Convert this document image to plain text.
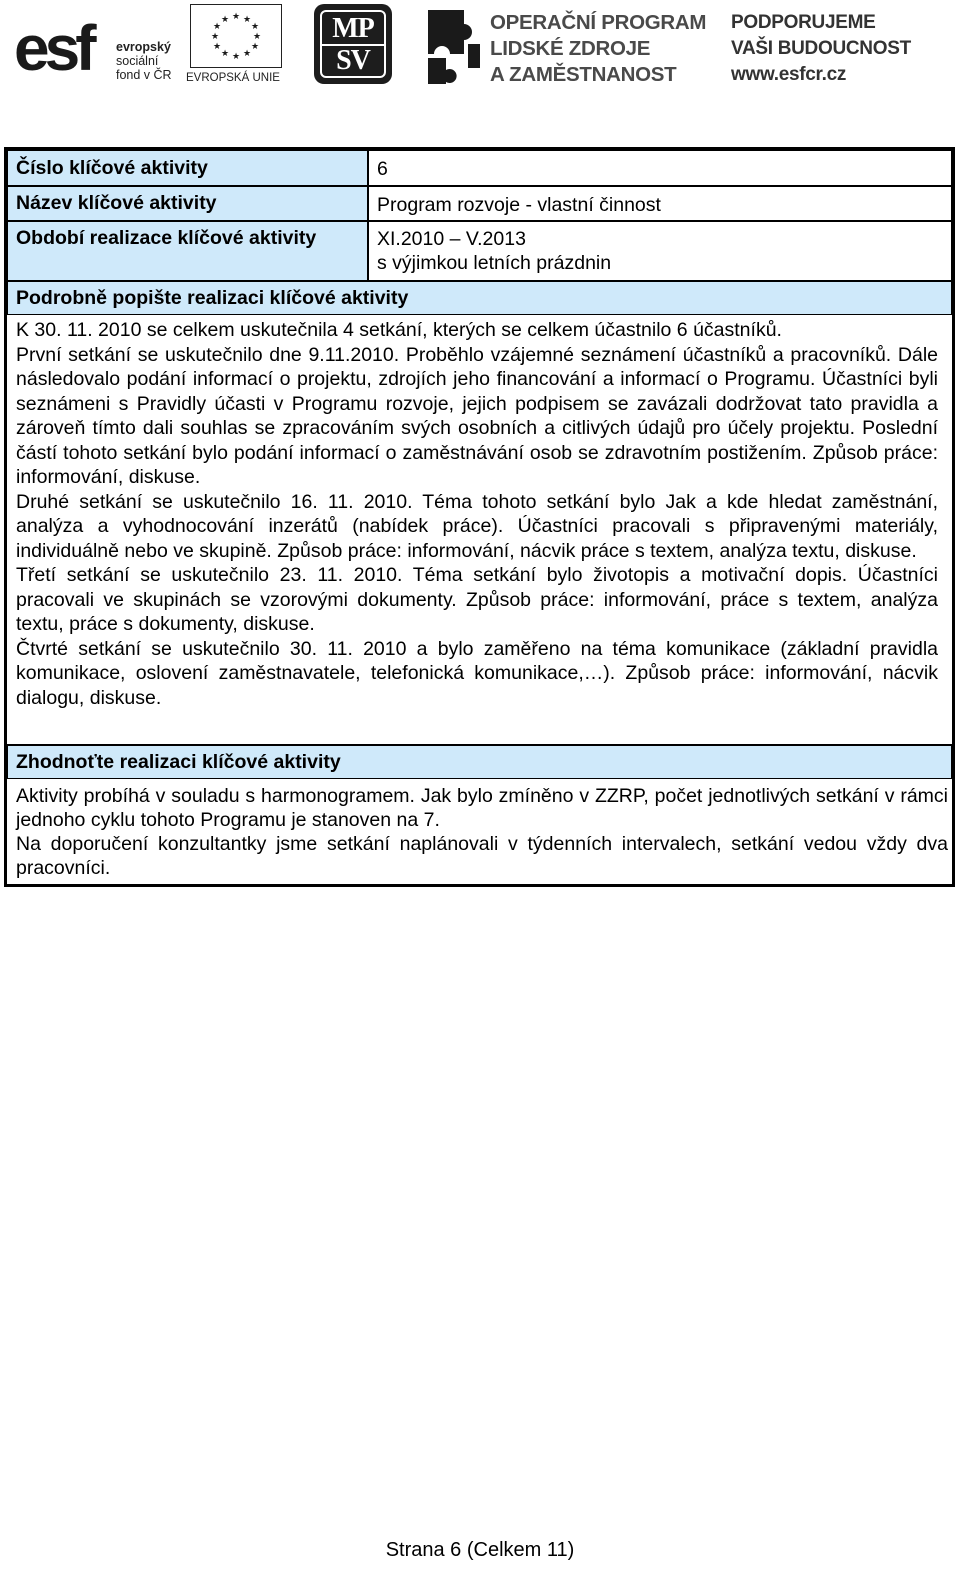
esf evropský
sociální
fond v ČR
★ ★
★
★
★
★
★
★
★
★
★
★
EVROPSKÁ UNIE
MP
SV
OPERAČNÍ PROGRAM
LIDSKÉ ZDROJE
A ZAMĚSTNANOST
PODPORUJEME
VAŠI BUDOUCNOST
www.esfcr.cz
Číslo klíčové aktivity	6
Název klíčové aktivity	Program rozvoje - vlastní činnost
Období realizace klíčové aktivity	XI.2010 – V.2013
s výjimkou letních prázdnin
Podrobně popište realizaci klíčové aktivity

K 30. 11. 2010 se celkem uskutečnila 4 setkání, kterých se celkem účastnilo 6 účastníků.

První setkání se uskutečnilo dne 9.11.2010. Proběhlo vzájemné seznámení účastníků a pracovníků. Dále následovalo podání informací o projektu, zdrojích jeho financování a informací o Programu. Účastníci byli seznámeni s Pravidly účasti v Programu rozvoje, jejich podpisem se zavázali dodržovat tato pravidla a zároveň tímto dali souhlas se zpracováním svých osobních a citlivých údajů pro účely projektu. Poslední částí tohoto setkání bylo podání informací o zaměstnávání osob se zdravotním postižením. Způsob práce: informování, diskuse.

Druhé setkání se uskutečnilo 16. 11. 2010. Téma tohoto setkání bylo Jak a kde hledat zaměstnání, analýza a vyhodnocování inzerátů (nabídek práce). Účastníci pracovali s připravenými materiály, individuálně nebo ve skupině. Způsob práce: informování, nácvik práce s textem, analýza textu, diskuse.

Třetí setkání se uskutečnilo 23. 11. 2010. Téma setkání bylo životopis a motivační dopis. Účastníci pracovali ve skupinách se vzorovými dokumenty. Způsob práce: informování, práce s textem, analýza textu, práce s dokumenty, diskuse.

Čtvrté setkání se uskutečnilo 30. 11. 2010 a bylo zaměřeno na téma komunikace (základní pravidla komunikace, oslovení zaměstnavatele, telefonická komunikace,…). Způsob práce: informování, nácvik dialogu, diskuse.

Zhodnoťte realizaci klíčové aktivity

Aktivity probíhá v souladu s harmonogramem. Jak bylo zmíněno v ZZRP, počet jednotlivých setkání v rámci jednoho cyklu tohoto Programu je stanoven na 7.

Na doporučení konzultantky jsme setkání naplánovali v týdenních intervalech, setkání vedou vždy dva pracovníci.

Strana 6 (Celkem 11)
